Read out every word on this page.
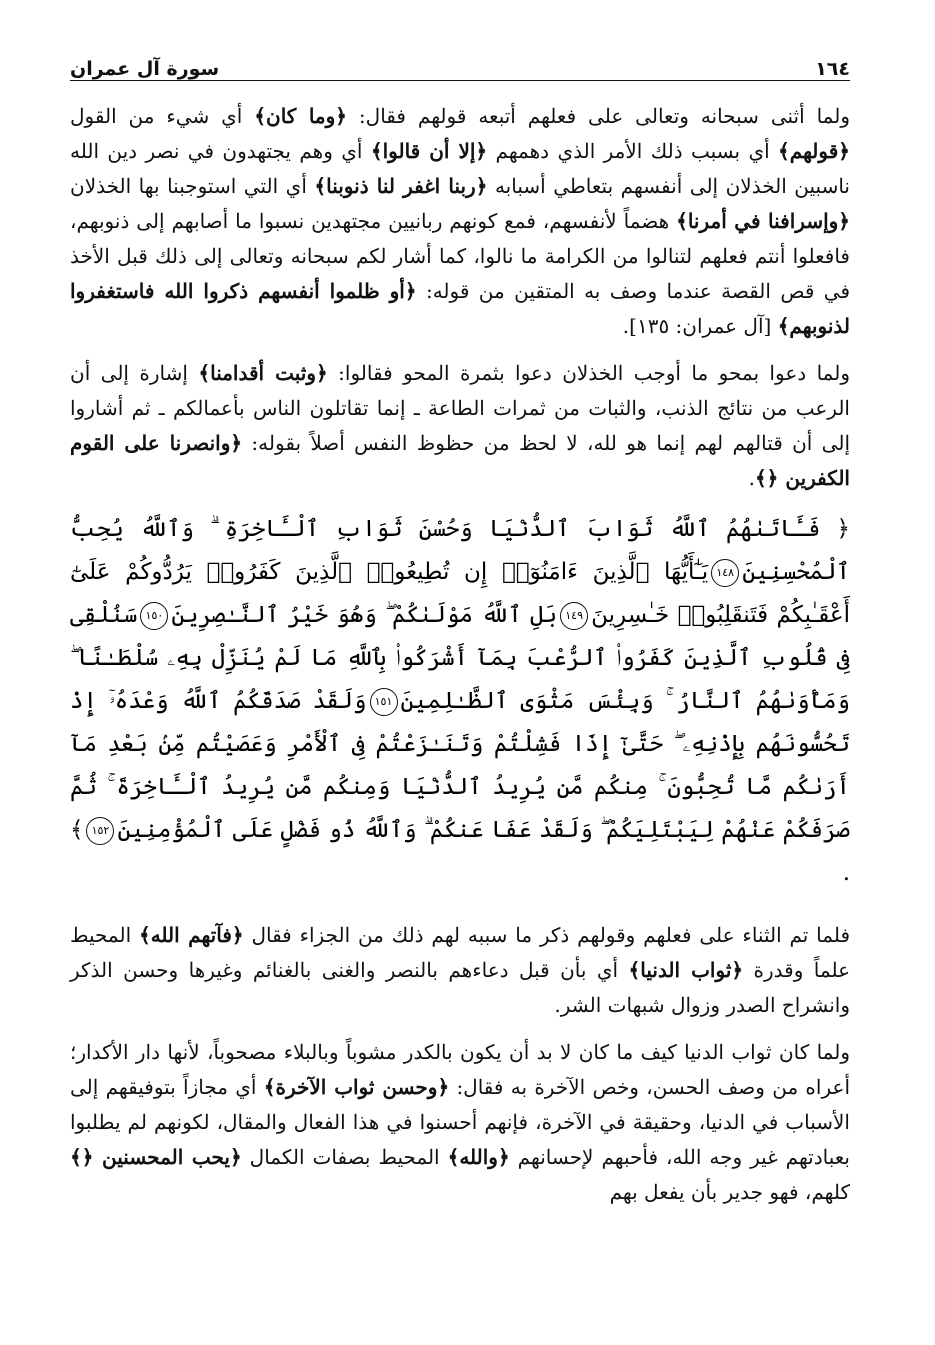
١٦٤
سورة آل عمران

ولما أثنى سبحانه وتعالى على فعلهم أتبعه قولهم فقال: ﴿وما كان﴾ أي شيء من القول ﴿قولهم﴾ أي بسبب ذلك الأمر الذي دهمهم ﴿إلا أن قالوا﴾ أي وهم يجتهدون في نصر دين الله ناسبين الخذلان إلى أنفسهم بتعاطي أسبابه ﴿ربنا اغفر لنا ذنوبنا﴾ أي التي استوجبنا بها الخذلان ﴿وإسرافنا في أمرنا﴾ هضماً لأنفسهم، فمع كونهم ربانيين مجتهدين نسبوا ما أصابهم إلى ذنوبهم، فافعلوا أنتم فعلهم لتنالوا من الكرامة ما نالوا، كما أشار لكم سبحانه وتعالى إلى ذلك قبل الأخذ في قص القصة عندما وصف به المتقين من قوله: ﴿أو ظلموا أنفسهم ذكروا الله فاستغفروا لذنوبهم﴾ [آل عمران: ١٣٥].

ولما دعوا بمحو ما أوجب الخذلان دعوا بثمرة المحو فقالوا: ﴿وثبت أقدامنا﴾ إشارة إلى أن الرعب من نتائج الذنب، والثبات من ثمرات الطاعة ـ إنما تقاتلون الناس بأعمالكم ـ ثم أشاروا إلى أن قتالهم لهم إنما هو لله، لا لحظ من حظوظ النفس أصلاً بقوله: ﴿وانصرنا على القوم الكفرين ﴿﴾.

﴿ فَـَٔاتَىٰهُمُ ٱللَّهُ ثَوَابَ ٱلدُّنْيَا وَحُسْنَ ثَوَابِ ٱلْـَٔاخِرَةِ ۗ وَٱللَّهُ يُحِبُّ ٱلْمُحْسِنِينَ١٤٨يَـٰٓأَيُّهَا ٱلَّذِينَ ءَامَنُوٓا۟ إِن تُطِيعُوا۟ ٱلَّذِينَ كَفَرُوا۟ يَرُدُّوكُمْ عَلَىٰٓ أَعْقَـٰبِكُمْ فَتَنقَلِبُوا۟ خَـٰسِرِينَ١٤٩بَلِ ٱللَّهُ مَوْلَىٰكُمْ ۖ وَهُوَ خَيْرُ ٱلنَّـٰصِرِينَ١٥٠سَنُلْقِى فِى قُلُوبِ ٱلَّذِينَ كَفَرُوا۟ ٱلرُّعْبَ بِمَآ أَشْرَكُوا۟ بِٱللَّهِ مَا لَمْ يُنَزِّلْ بِهِۦ سُلْطَـٰنًا ۖ وَمَأْوَىٰهُمُ ٱلنَّارُ ۚ وَبِئْسَ مَثْوَى ٱلظَّـٰلِمِينَ١٥١وَلَقَدْ صَدَقَكُمُ ٱللَّهُ وَعْدَهُۥٓ إِذْ تَحُسُّونَهُم بِإِذْنِهِۦ ۖ حَتَّىٰٓ إِذَا فَشِلْتُمْ وَتَنَـٰزَعْتُمْ فِى ٱلْأَمْرِ وَعَصَيْتُم مِّنۢ بَعْدِ مَآ أَرَىٰكُم مَّا تُحِبُّونَ ۚ مِنكُم مَّن يُرِيدُ ٱلدُّنْيَا وَمِنكُم مَّن يُرِيدُ ٱلْـَٔاخِرَةَ ۚ ثُمَّ صَرَفَكُمْ عَنْهُمْ لِيَبْتَلِيَكُمْ ۖ وَلَقَدْ عَفَا عَنكُمْ ۗ وَٱللَّهُ ذُو فَضْلٍ عَلَى ٱلْمُؤْمِنِينَ١٥٢﴾ .

فلما تم الثناء على فعلهم وقولهم ذكر ما سببه لهم ذلك من الجزاء فقال ﴿فآتهم الله﴾ المحيط علماً وقدرة ﴿ثواب الدنيا﴾ أي بأن قبل دعاءهم بالنصر والغنى بالغنائم وغيرها وحسن الذكر وانشراح الصدر وزوال شبهات الشر.

ولما كان ثواب الدنيا كيف ما كان لا بد أن يكون بالكدر مشوباً وبالبلاء مصحوباً، لأنها دار الأكدار؛ أعراه من وصف الحسن، وخص الآخرة به فقال: ﴿وحسن ثواب الآخرة﴾ أي مجازاً بتوفيقهم إلى الأسباب في الدنيا، وحقيقة في الآخرة، فإنهم أحسنوا في هذا الفعال والمقال، لكونهم لم يطلبوا بعبادتهم غير وجه الله، فأحبهم لإحسانهم ﴿والله﴾ المحيط بصفات الكمال ﴿يحب المحسنين ﴿﴾ كلهم، فهو جدير بأن يفعل بهم
